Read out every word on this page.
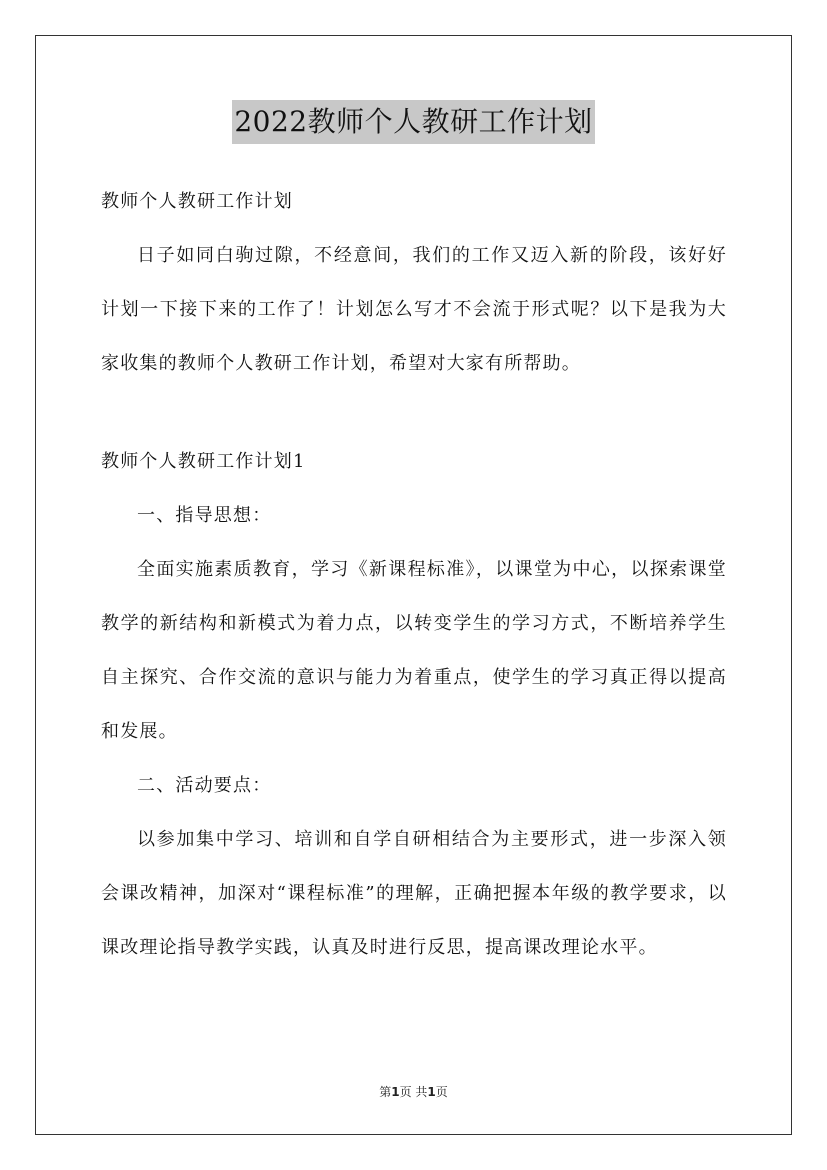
2022教师个人教研工作计划

教师个人教研工作计划

日子如同白驹过隙，不经意间，我们的工作又迈入新的阶段，该好好计划一下接下来的工作了！计划怎么写才不会流于形式呢？以下是我为大家收集的教师个人教研工作计划，希望对大家有所帮助。

教师个人教研工作计划1

一、指导思想：

全面实施素质教育，学习《新课程标准》，以课堂为中心，以探索课堂教学的新结构和新模式为着力点，以转变学生的学习方式，不断培养学生自主探究、合作交流的意识与能力为着重点，使学生的学习真正得以提高和发展。

二、活动要点：

以参加集中学习、培训和自学自研相结合为主要形式，进一步深入领会课改精神，加深对“课程标准”的理解，正确把握本年级的教学要求，以课改理论指导教学实践，认真及时进行反思，提高课改理论水平。

第1页 共1页
